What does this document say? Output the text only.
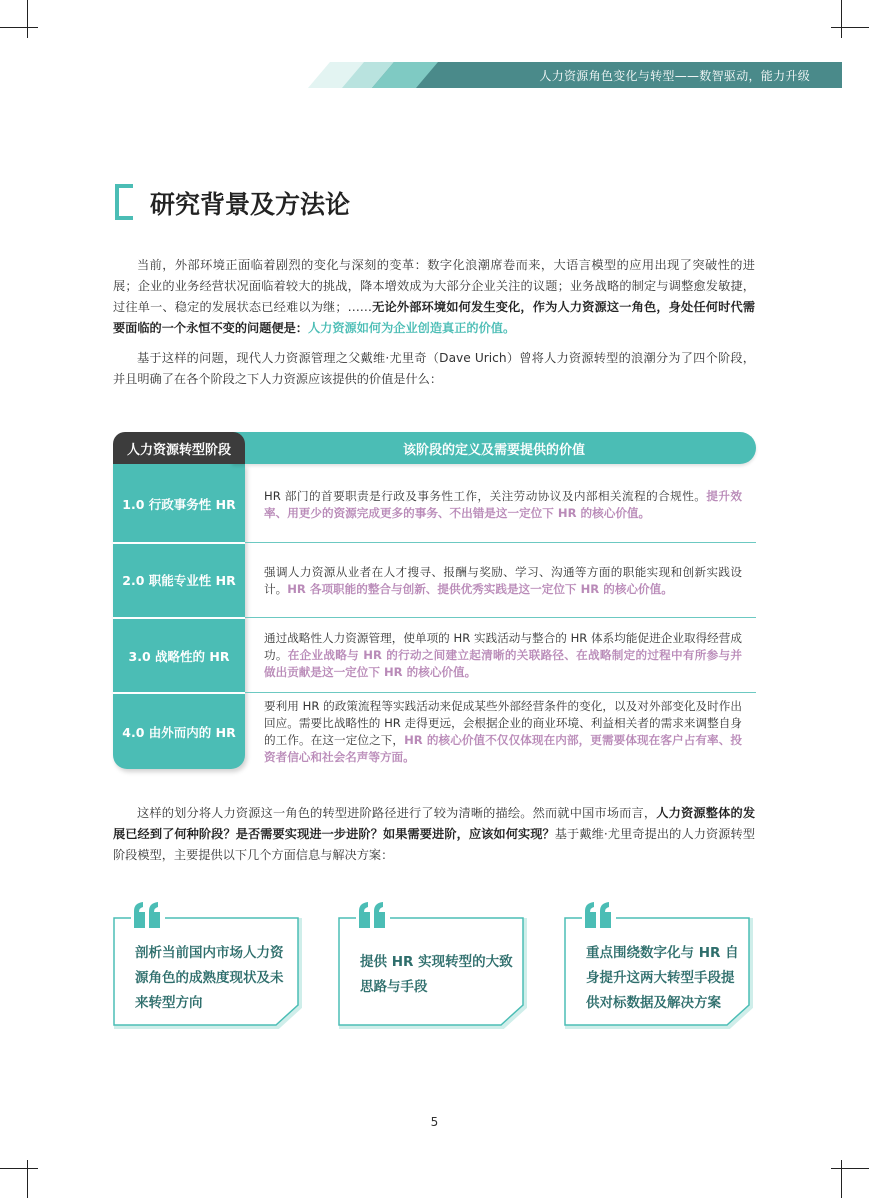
人力资源角色变化与转型——数智驱动，能力升级
研究背景及方法论

当前，外部环境正面临着剧烈的变化与深刻的变革：数字化浪潮席卷而来，大语言模型的应用出现了突破性的进展；企业的业务经营状况面临着较大的挑战，降本增效成为大部分企业关注的议题；业务战略的制定与调整愈发敏捷，过往单一、稳定的发展状态已经难以为继；……无论外部环境如何发生变化，作为人力资源这一角色，身处任何时代需要面临的一个永恒不变的问题便是：人力资源如何为企业创造真正的价值。

基于这样的问题，现代人力资源管理之父戴维·尤里奇（Dave Urich）曾将人力资源转型的浪潮分为了四个阶段，并且明确了在各个阶段之下人力资源应该提供的价值是什么：

该阶段的定义及需要提供的价值
人力资源转型阶段
1.0 行政事务性 HR
2.0 职能专业性 HR
3.0 战略性的 HR
4.0 由外而内的 HR
HR 部门的首要职责是行政及事务性工作，关注劳动协议及内部相关流程的合规性。提升效率、用更少的资源完成更多的事务、不出错是这一定位下 HR 的核心价值。
强调人力资源从业者在人才搜寻、报酬与奖励、学习、沟通等方面的职能实现和创新实践设计。HR 各项职能的整合与创新、提供优秀实践是这一定位下 HR 的核心价值。
通过战略性人力资源管理，使单项的 HR 实践活动与整合的 HR 体系均能促进企业取得经营成功。在企业战略与 HR 的行动之间建立起清晰的关联路径、在战略制定的过程中有所参与并做出贡献是这一定位下 HR 的核心价值。
要利用 HR 的政策流程等实践活动来促成某些外部经营条件的变化，以及对外部变化及时作出回应。需要比战略性的 HR 走得更远，会根据企业的商业环境、利益相关者的需求来调整自身的工作。在这一定位之下，HR 的核心价值不仅仅体现在内部，更需要体现在客户占有率、投资者信心和社会名声等方面。

这样的划分将人力资源这一角色的转型进阶路径进行了较为清晰的描绘。然而就中国市场而言，人力资源整体的发展已经到了何种阶段？是否需要实现进一步进阶？如果需要进阶，应该如何实现？基于戴维·尤里奇提出的人力资源转型阶段模型，主要提供以下几个方面信息与解决方案：

剖析当前国内市场人力资源角色的成熟度现状及未来转型方向
提供 HR 实现转型的大致思路与手段
重点围绕数字化与 HR 自身提升这两大转型手段提供对标数据及解决方案
5
